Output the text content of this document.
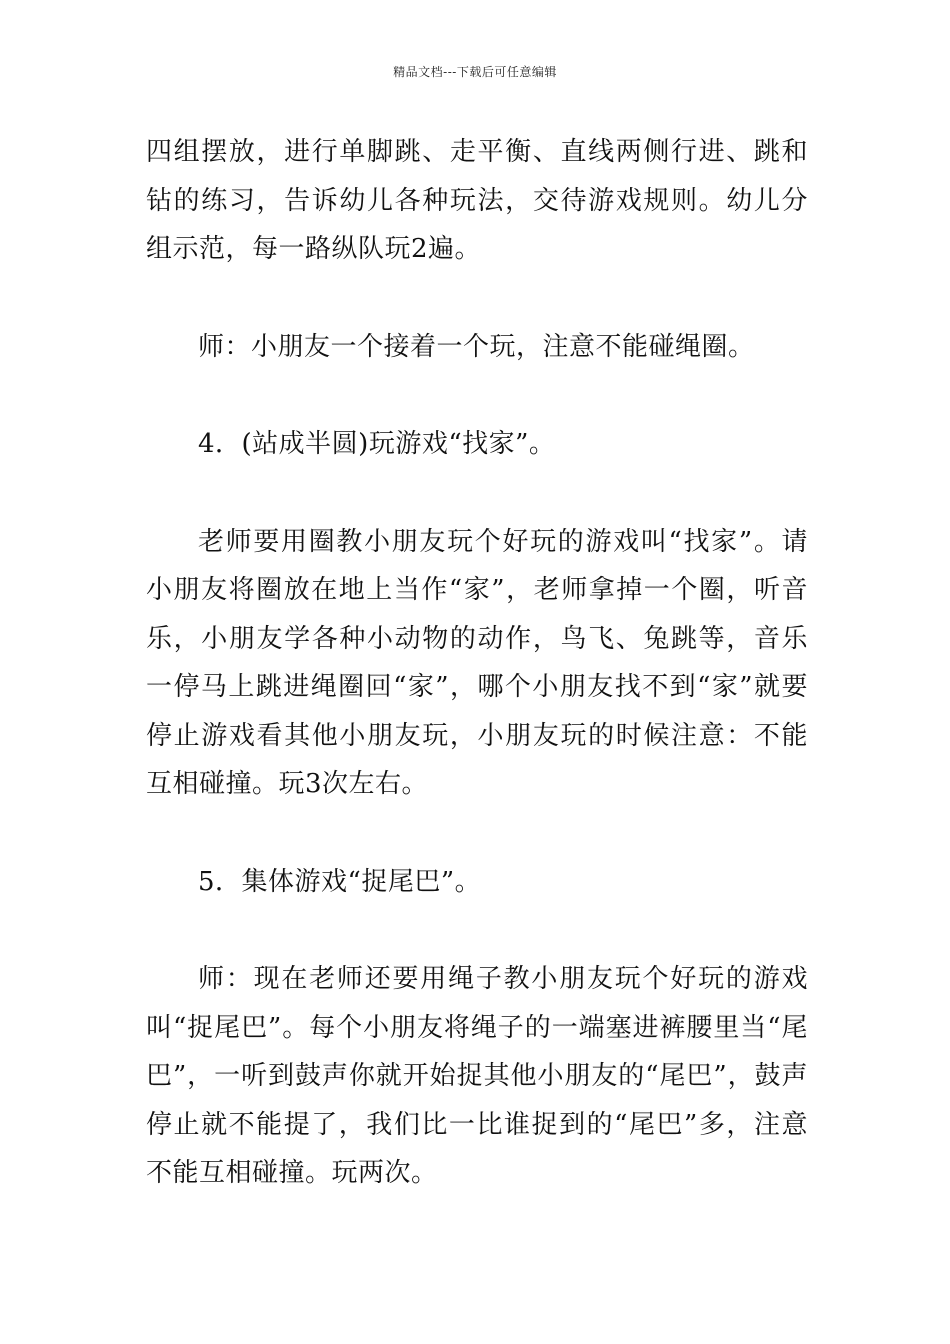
精品文档---下载后可任意编辑

四组摆放，进行单脚跳、走平衡、直线两侧行进、跳和钻的练习，告诉幼儿各种玩法，交待游戏规则。幼儿分组示范，每一路纵队玩2遍。

师：小朋友一个接着一个玩，注意不能碰绳圈。

4．(站成半圆)玩游戏“找家”。

老师要用圈教小朋友玩个好玩的游戏叫“找家”。请小朋友将圈放在地上当作“家”，老师拿掉一个圈，听音乐，小朋友学各种小动物的动作，鸟飞、兔跳等，音乐一停马上跳进绳圈回“家”，哪个小朋友找不到“家”就要停止游戏看其他小朋友玩，小朋友玩的时候注意：不能互相碰撞。玩3次左右。

5．集体游戏“捉尾巴”。

师：现在老师还要用绳子教小朋友玩个好玩的游戏叫“捉尾巴”。每个小朋友将绳子的一端塞进裤腰里当“尾巴”，一听到鼓声你就开始捉其他小朋友的“尾巴”，鼓声停止就不能提了，我们比一比谁捉到的“尾巴”多，注意不能互相碰撞。玩两次。
